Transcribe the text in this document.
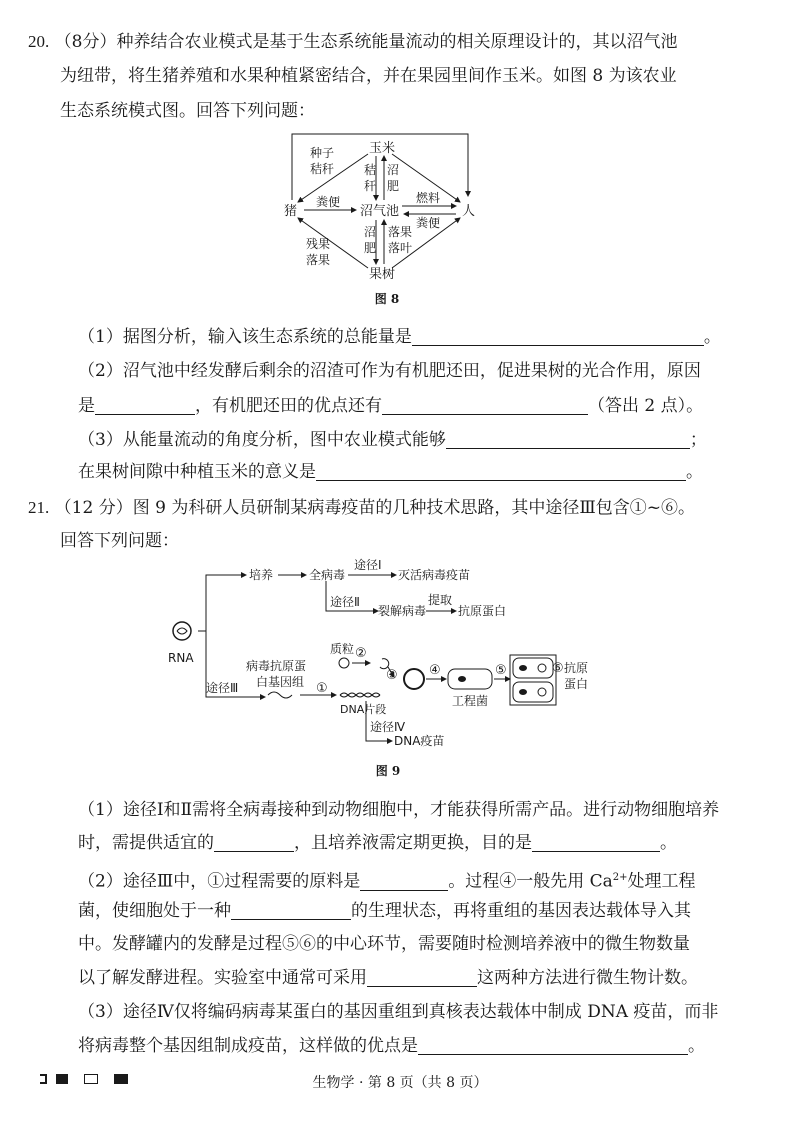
20. （8分）种养结合农业模式是基于生态系统能量流动的相关原理设计的，其以沼气池
为纽带，将生猪养殖和水果种植紧密结合，并在果园里间作玉米。如图 8 为该农业
生态系统模式图。回答下列问题：
玉米
猪	沼气池	人
果树
种子
秸秆 秸
秆
沼
肥
粪便	燃料
粪便
沼
肥
落果
落叶
残果
落果
图 8
（1）据图分析，输入该生态系统的总能量是	。
（2）沼气池中经发酵后剩余的沼渣可作为有机肥还田，促进果树的光合作用，原因
是	，有机肥还田的优点还有	（答出 2 点）。
（3）从能量流动的角度分析，图中农业模式能够	；
在果树间隙中种植玉米的意义是	。
21. （12 分）图 9 为科研人员研制某病毒疫苗的几种技术思路，其中途径Ⅲ包含①~⑥。
回答下列问题：
RNA
培养	全病毒
途径Ⅰ
灭活病毒疫苗
途径Ⅱ
裂解病毒
提取
抗原蛋白
途径Ⅲ
病毒抗原蛋
白基因组 ①
DNA片段
质粒 ②
③ ④
工程菌
⑤	⑥ 抗原
蛋白
途径Ⅳ
DNA疫苗
图 9
（1）途径Ⅰ和Ⅱ需将全病毒接种到动物细胞中，才能获得所需产品。进行动物细胞培养
时，需提供适宜的	，且培养液需定期更换，目的是	。
（2）途径Ⅲ中，①过程需要的原料是	。过程④一般先用 $Ca^{2+}$处理工程
菌，使细胞处于一种	的生理状态，再将重组的基因表达载体导入其
中。发酵罐内的发酵是过程⑤⑥的中心环节，需要随时检测培养液中的微生物数量
以了解发酵进程。实验室中通常可采用	这两种方法进行微生物计数。
（3）途径Ⅳ仅将编码病毒某蛋白的基因重组到真核表达载体中制成 DNA 疫苗，而非
将病毒整个基因组制成疫苗，这样做的优点是	。
生物学 · 第 8 页（共 8 页）
